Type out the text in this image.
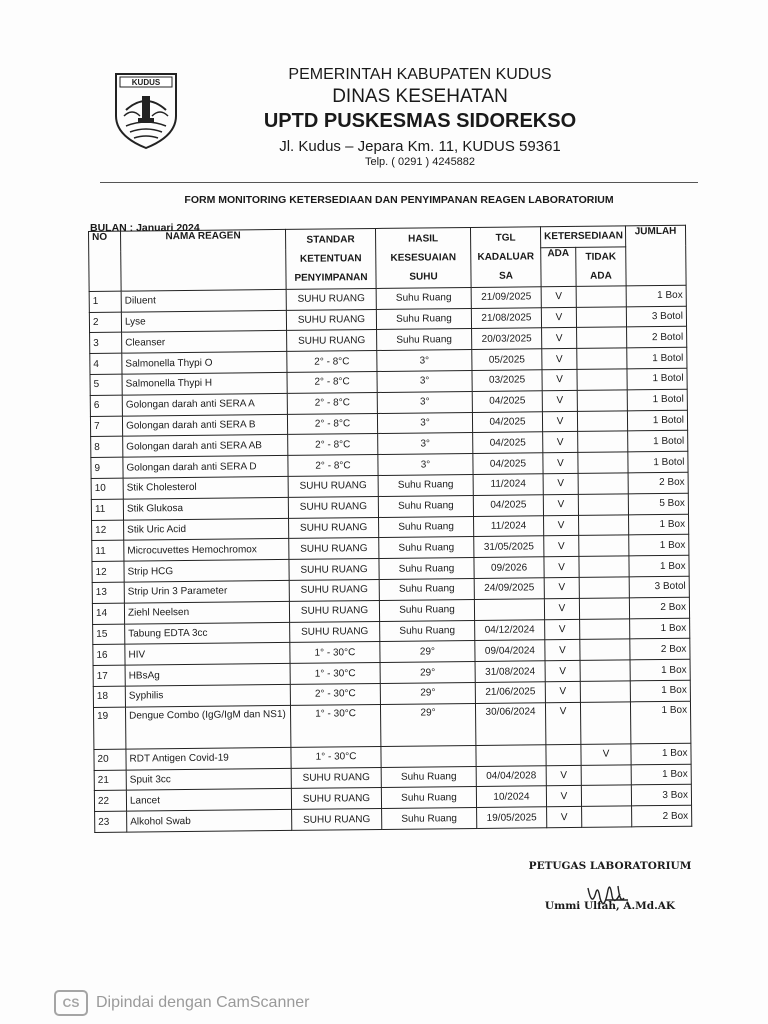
KUDUS	PEMERINTAH KABUPATEN KUDUS
DINAS KESEHATAN
UPTD PUSKESMAS SIDOREKSO
Jl. Kudus – Jepara Km. 11, KUDUS 59361
Telp. ( 0291 ) 4245882
FORM MONITORING KETERSEDIAAN DAN PENYIMPANAN REAGEN LABORATORIUM
BULAN : Januari 2024
NO	NAMA REAGEN	STANDAR KETENTUAN PENYIMPANAN	HASIL KESESUAIAN SUHU	TGL KADALUAR SA	KETERSEDIAAN		JUMLAH
					ADA	TIDAK ADA	
1	Diluent	SUHU RUANG	Suhu Ruang	21/09/2025	V		1 Box
2	Lyse	SUHU RUANG	Suhu Ruang	21/08/2025	V		3 Botol
3	Cleanser	SUHU RUANG	Suhu Ruang	20/03/2025	V		2 Botol
4	Salmonella Thypi O	2° - 8°C	3°	05/2025	V		1 Botol
5	Salmonella Thypi H	2° - 8°C	3°	03/2025	V		1 Botol
6	Golongan darah anti SERA A	2° - 8°C	3°	04/2025	V		1 Botol
7	Golongan darah anti SERA B	2° - 8°C	3°	04/2025	V		1 Botol
8	Golongan darah anti SERA AB	2° - 8°C	3°	04/2025	V		1 Botol
9	Golongan darah anti SERA D	2° - 8°C	3°	04/2025	V		1 Botol
10	Stik Cholesterol	SUHU RUANG	Suhu Ruang	11/2024	V		2 Box
11	Stik Glukosa	SUHU RUANG	Suhu Ruang	04/2025	V		5 Box
12	Stik Uric Acid	SUHU RUANG	Suhu Ruang	11/2024	V		1 Box
11	Microcuvettes Hemochromox	SUHU RUANG	Suhu Ruang	31/05/2025	V		1 Box
12	Strip HCG	SUHU RUANG	Suhu Ruang	09/2026	V		1 Box
13	Strip Urin 3 Parameter	SUHU RUANG	Suhu Ruang	24/09/2025	V		3 Botol
14	Ziehl Neelsen	SUHU RUANG	Suhu Ruang		V		2 Box
15	Tabung EDTA 3cc	SUHU RUANG	Suhu Ruang	04/12/2024	V		1 Box
16	HIV	1° - 30°C	29°	09/04/2024	V		2 Box
17	HBsAg	1° - 30°C	29°	31/08/2024	V		1 Box
18	Syphilis	2° - 30°C	29°	21/06/2025	V		1 Box
19	Dengue Combo (IgG/IgM dan NS1)	1° - 30°C	29°	30/06/2024	V		1 Box
20	RDT Antigen Covid-19	1° - 30°C				V	1 Box
21	Spuit 3cc	SUHU RUANG	Suhu Ruang	04/04/2028	V		1 Box
22	Lancet	SUHU RUANG	Suhu Ruang	10/2024	V		3 Box
23	Alkohol Swab	SUHU RUANG	Suhu Ruang	19/05/2025	V		2 Box
PETUGAS LABORATORIUM
Ummi Ulfah, A.Md.AK
CS	Dipindai dengan CamScanner
